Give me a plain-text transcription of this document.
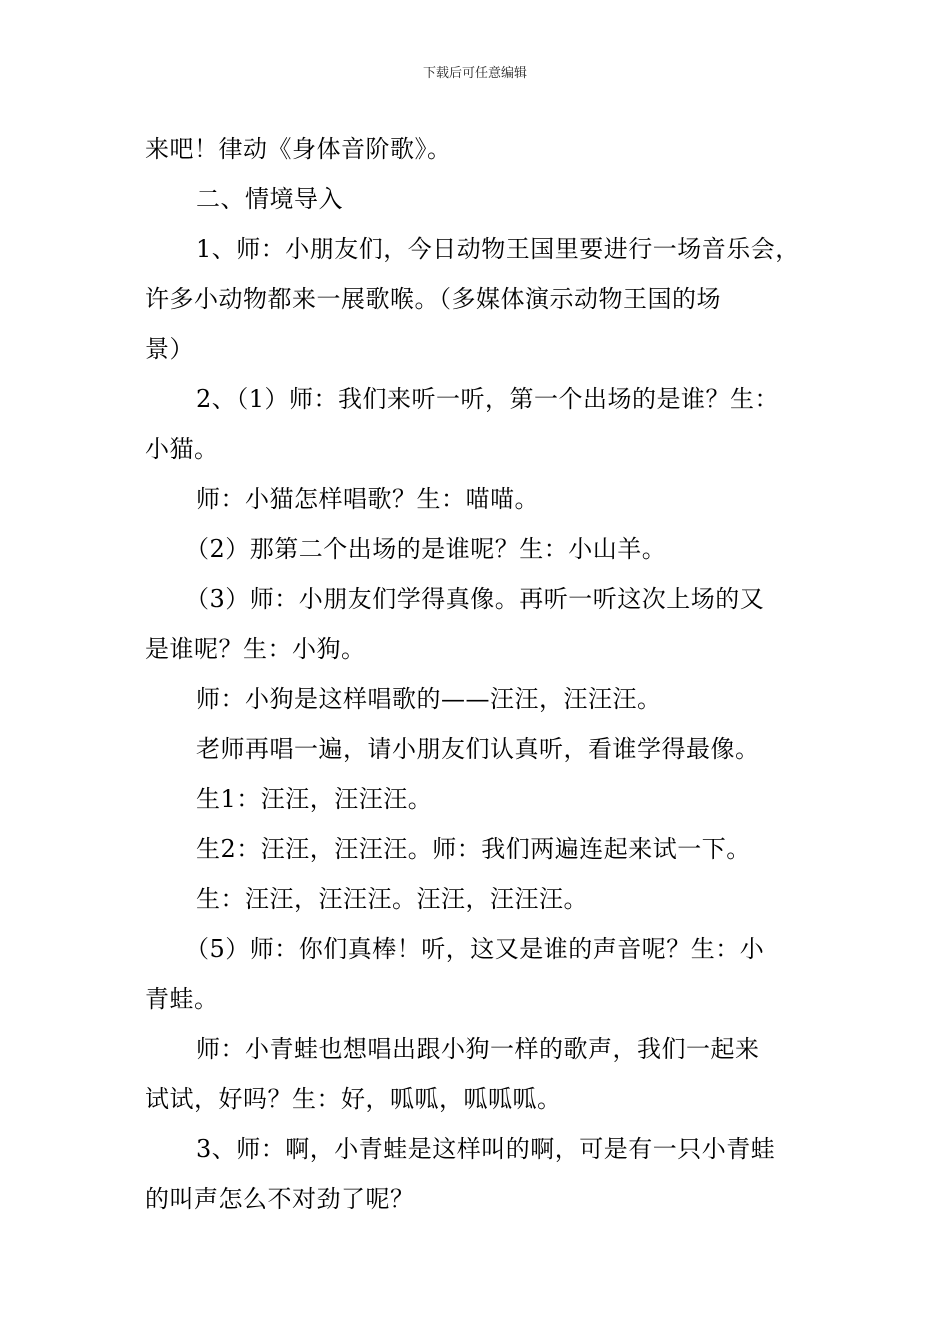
下载后可任意编辑
来吧！律动《身体音阶歌》。
二、情境导入
1、师：小朋友们，今日动物王国里要进行一场音乐会，
许多小动物都来一展歌喉。（多媒体演示动物王国的场
景）
2、（1）师：我们来听一听，第一个出场的是谁？生：
小猫。
师：小猫怎样唱歌？生：喵喵。
（2）那第二个出场的是谁呢？生：小山羊。
（3）师：小朋友们学得真像。再听一听这次上场的又
是谁呢？生：小狗。
师：小狗是这样唱歌的——汪汪，汪汪汪。
老师再唱一遍，请小朋友们认真听，看谁学得最像。
生1：汪汪，汪汪汪。
生2：汪汪，汪汪汪。师：我们两遍连起来试一下。
生：汪汪，汪汪汪。汪汪，汪汪汪。
（5）师：你们真棒！听，这又是谁的声音呢？生：小
青蛙。
师：小青蛙也想唱出跟小狗一样的歌声，我们一起来
试试，好吗？生：好，呱呱，呱呱呱。
3、师：啊，小青蛙是这样叫的啊，可是有一只小青蛙
的叫声怎么不对劲了呢？
